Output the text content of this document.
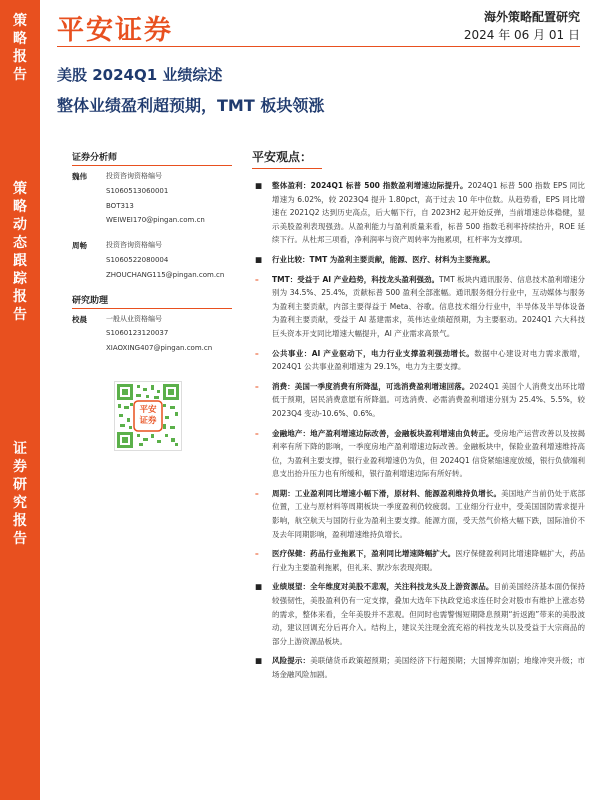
策
略
报
告
策
略
动
态
跟
踪
报
告
证
券
研
究
报
告
平安证券	海外策略配置研究
2024 年 06 月 01 日
美股 2024Q1 业绩综述
整体业绩盈利超预期，TMT 板块领涨
证券分析师
魏伟	投资咨询资格编号
S1060513060001
BOT313
WEIWEI170@pingan.com.cn
周畅	投资咨询资格编号
S1060522080004
ZHOUCHANG115@pingan.com.cn
研究助理
校晨	一般从业资格编号
S1060123120037
XIAOXING407@pingan.com.cn
平安证券
平安观点：
■ 整体盈利：2024Q1 标普 500 指数盈利增速边际提升。2024Q1 标普 500 指数 EPS 同比增速为 6.02%，较 2023Q4 提升 1.80pct，高于过去 10 年中位数。从趋势看，EPS 同比增速在 2021Q2 达到历史高点，后大幅下行，自 2023H2 起开始反弹，当前增速总体稳健，显示美股盈利表现强劲。从盈利能力与盈利质量来看，标普 500 指数毛利率持续抬升，ROE 延续下行。从杜邦三项看，净利润率与资产周转率为拖累项，杠杆率为支撑项。
■ 行业比较：TMT 为盈利主要贡献，能源、医疗、材料为主要拖累。
– TMT：受益于 AI 产业趋势，科技龙头盈利强劲。TMT 板块内通讯服务、信息技术盈利增速分别为 34.5%、25.4%，贡献标普 500 盈利全部涨幅。通讯服务细分行业中，互动媒体与服务为盈利主要贡献，内部主要得益于 Meta、谷歌。信息技术细分行业中，半导体及半导体设备为盈利主要贡献，受益于 AI 基建需求，英伟达业绩超预期，为主要驱动。2024Q1 六大科技巨头资本开支同比增速大幅提升，AI 产业需求高景气。
– 公共事业：AI 产业驱动下，电力行业支撑盈利强劲增长。数据中心建设对电力需求激增，2024Q1 公共事业盈利增速为 29.1%，电力为主要支撑。
– 消费：美国一季度消费有所降温，可选消费盈利增速回落。2024Q1 美国个人消费支出环比增低于预期，居民消费意愿有所降温。可选消费、必需消费盈利增速分别为 25.4%、5.5%，较 2023Q4 变动-10.6%、0.6%。
– 金融地产：地产盈利增速边际改善，金融板块盈利增速由负转正。受房地产运营改善以及按揭利率有所下降的影响，一季度房地产盈利增速边际改善。金融板块中，保险业盈利增速维持高位，为盈利主要支撑，银行业盈利增速仍为负，但 2024Q1 信贷紧缩速度放缓，银行负债端利息支出抬升压力也有所缓和，银行盈利增速边际有所好转。
– 周期：工业盈利同比增速小幅下滑，原材料、能源盈利维持负增长。美国地产当前仍处于底部位置，工业与原材料等周期板块一季度盈利仍较疲弱。工业细分行业中，受美国国防需求提升影响，航空航天与国防行业为盈利主要支撑。能源方面，受天然气价格大幅下跌，国际油价不及去年同期影响，盈利增速维持负增长。
– 医疗保健：药品行业拖累下，盈利同比增速降幅扩大。医疗保健盈利同比增速降幅扩大，药品行业为主要盈利拖累，但礼来、默沙东表现亮眼。
■ 业绩展望：全年维度对美股不悲观，关注科技龙头及上游资源品。目前美国经济基本面仍保持较强韧性，美股盈利仍有一定支撑，叠加大选年下执政党追求连任时会对股市有维护上涨态势的需求，整体来看，全年美股并不悲观。但同时也需警惕短期降息预期“折返跑”带来的美股波动，建议回调充分后再介入。结构上，建议关注现金流充裕的科技龙头以及受益于大宗商品的部分上游资源品板块。
■ 风险提示：美联储货币政策超预期；美国经济下行超预期；大国博弈加剧；地缘冲突升级；市场金融风险加剧。
